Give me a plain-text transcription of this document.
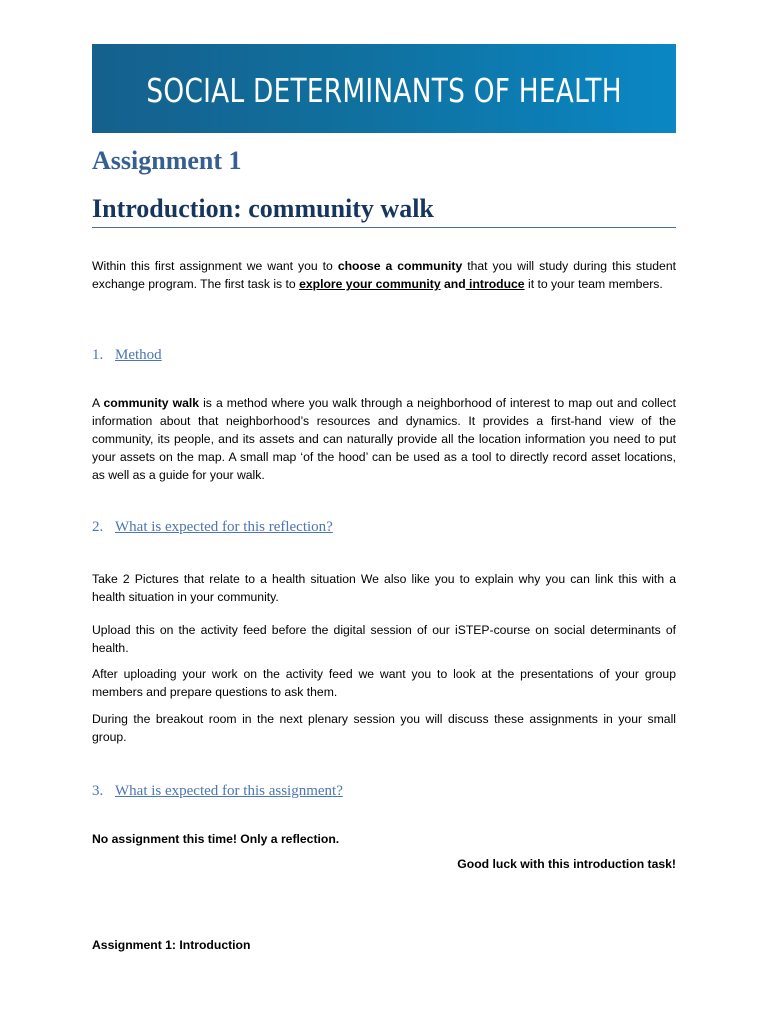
SOCIAL DETERMINANTS OF HEALTH
Assignment 1
Introduction: community walk

Within this first assignment we want you to choose a community that you will study during this student exchange program. The first task is to explore your community and introduce it to your team members.

1. Method

A community walk is a method where you walk through a neighborhood of interest to map out and collect information about that neighborhood’s resources and dynamics. It provides a first-hand view of the community, its people, and its assets and can naturally provide all the location information you need to put your assets on the map. A small map ‘of the hood’ can be used as a tool to directly record asset locations, as well as a guide for your walk.

2. What is expected for this reflection?

Take 2 Pictures that relate to a health situation We also like you to explain why you can link this with a health situation in your community.

Upload this on the activity feed before the digital session of our iSTEP-course on social determinants of health.

After uploading your work on the activity feed we want you to look at the presentations of your group members and prepare questions to ask them.

During the breakout room in the next plenary session you will discuss these assignments in your small group.

3. What is expected for this assignment?

No assignment this time! Only a reflection.

Good luck with this introduction task!
Assignment 1: Introduction
